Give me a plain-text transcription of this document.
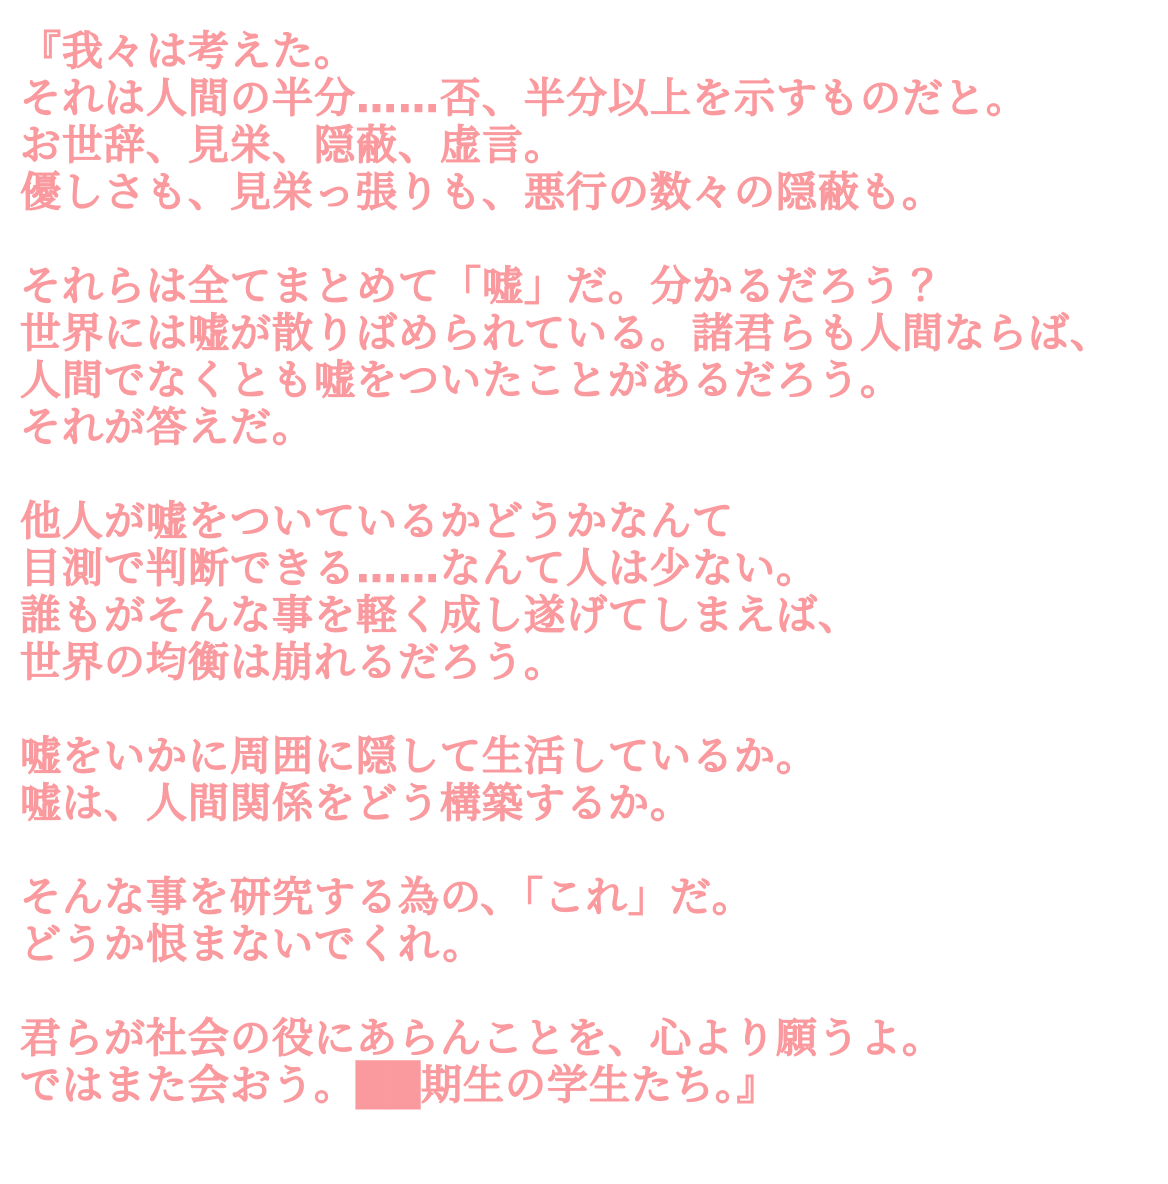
『我々は考えた。
それは人間の半分……否、半分以上を示すものだと。
お世辞、見栄、隠蔽、虚言。
優しさも、見栄っ張りも、悪行の数々の隠蔽も。
それらは全てまとめて「嘘」だ。分かるだろう？
世界には嘘が散りばめられている。諸君らも人間ならば、
人間でなくとも嘘をついたことがあるだろう。
それが答えだ。
他人が嘘をついているかどうかなんて
目測で判断できる……なんて人は少ない。
誰もがそんな事を軽く成し遂げてしまえば、
世界の均衡は崩れるだろう。
嘘をいかに周囲に隠して生活しているか。
嘘は、人間関係をどう構築するか。
そんな事を研究する為の、「これ」だ。
どうか恨まないでくれ。
君らが社会の役にあらんことを、心より願うよ。
ではまた会おう。██期生の学生たち。』
